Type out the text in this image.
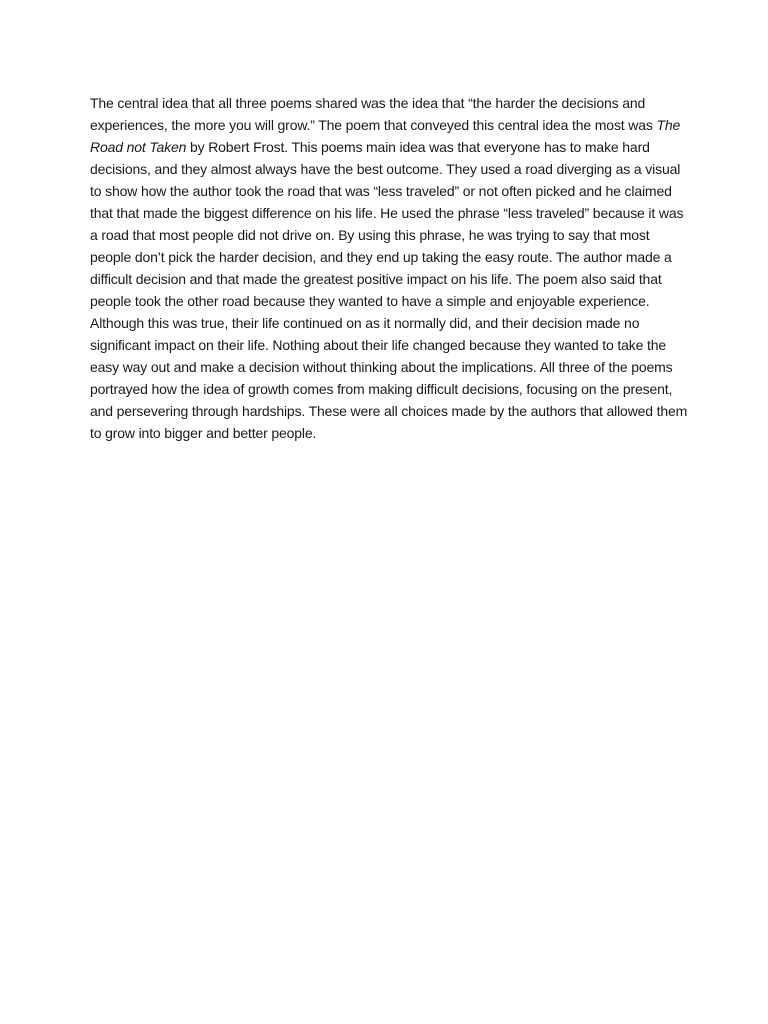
The central idea that all three poems shared was the idea that “the harder the decisions and experiences, the more you will grow.” The poem that conveyed this central idea the most was The Road not Taken by Robert Frost. This poems main idea was that everyone has to make hard decisions, and they almost always have the best outcome. They used a road diverging as a visual to show how the author took the road that was “less traveled” or not often picked and he claimed that that made the biggest difference on his life. He used the phrase “less traveled” because it was a road that most people did not drive on. By using this phrase, he was trying to say that most people don’t pick the harder decision, and they end up taking the easy route. The author made a difficult decision and that made the greatest positive impact on his life. The poem also said that people took the other road because they wanted to have a simple and enjoyable experience. Although this was true, their life continued on as it normally did, and their decision made no significant impact on their life. Nothing about their life changed because they wanted to take the easy way out and make a decision without thinking about the implications. All three of the poems portrayed how the idea of growth comes from making difficult decisions, focusing on the present, and persevering through hardships. These were all choices made by the authors that allowed them to grow into bigger and better people.
